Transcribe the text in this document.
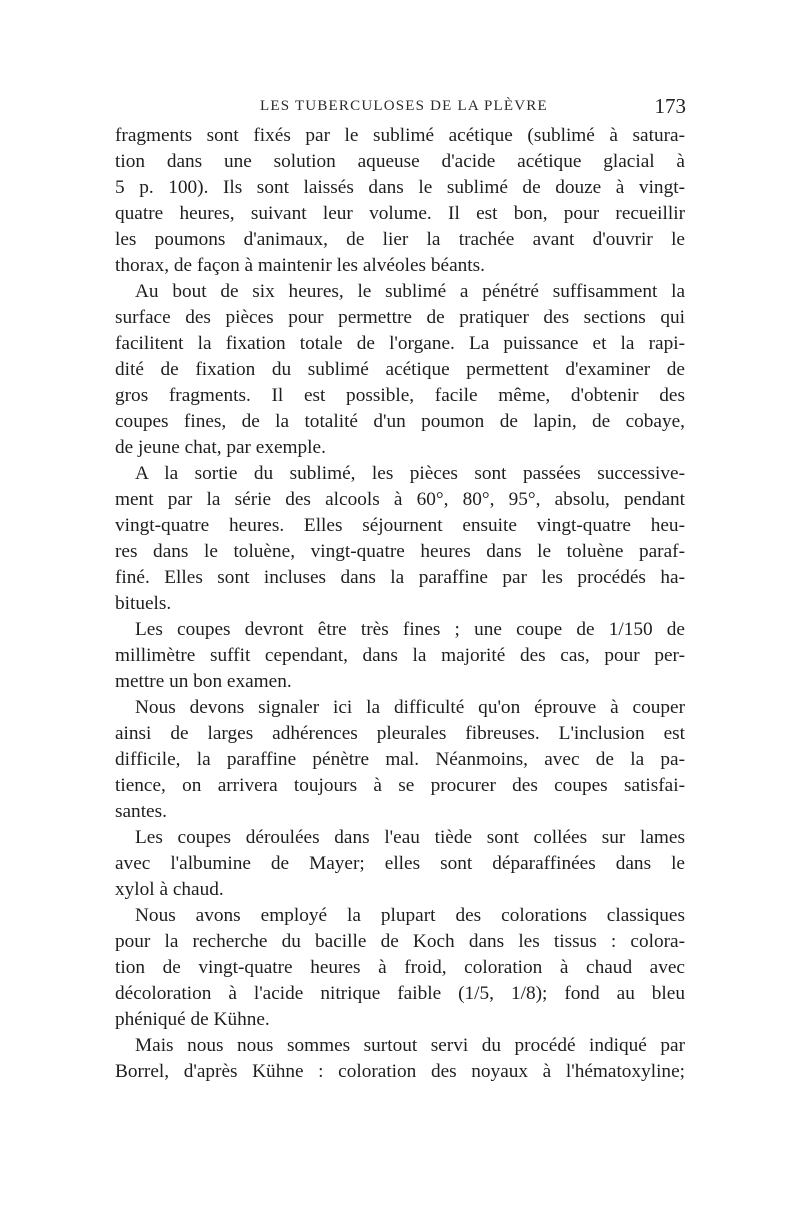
LES TUBERCULOSES DE LA PLÈVRE	173
fragments sont fixés par le sublimé acétique (sublimé à satura-
tion dans une solution aqueuse d'acide acétique glacial à
5 p. 100). Ils sont laissés dans le sublimé de douze à vingt-
quatre heures, suivant leur volume. Il est bon, pour recueillir
les poumons d'animaux, de lier la trachée avant d'ouvrir le
thorax, de façon à maintenir les alvéoles béants.
Au bout de six heures, le sublimé a pénétré suffisamment la
surface des pièces pour permettre de pratiquer des sections qui
facilitent la fixation totale de l'organe. La puissance et la rapi-
dité de fixation du sublimé acétique permettent d'examiner de
gros fragments. Il est possible, facile même, d'obtenir des
coupes fines, de la totalité d'un poumon de lapin, de cobaye,
de jeune chat, par exemple.
A la sortie du sublimé, les pièces sont passées successive-
ment par la série des alcools à 60°, 80°, 95°, absolu, pendant
vingt-quatre heures. Elles séjournent ensuite vingt-quatre heu-
res dans le toluène, vingt-quatre heures dans le toluène paraf-
finé. Elles sont incluses dans la paraffine par les procédés ha-
bituels.
Les coupes devront être très fines ; une coupe de 1/150 de
millimètre suffit cependant, dans la majorité des cas, pour per-
mettre un bon examen.
Nous devons signaler ici la difficulté qu'on éprouve à couper
ainsi de larges adhérences pleurales fibreuses. L'inclusion est
difficile, la paraffine pénètre mal. Néanmoins, avec de la pa-
tience, on arrivera toujours à se procurer des coupes satisfai-
santes.
Les coupes déroulées dans l'eau tiède sont collées sur lames
avec l'albumine de Mayer; elles sont déparaffinées dans le
xylol à chaud.
Nous avons employé la plupart des colorations classiques
pour la recherche du bacille de Koch dans les tissus : colora-
tion de vingt-quatre heures à froid, coloration à chaud avec
décoloration à l'acide nitrique faible (1/5, 1/8); fond au bleu
phéniqué de Kühne.
Mais nous nous sommes surtout servi du procédé indiqué par
Borrel, d'après Kühne : coloration des noyaux à l'hématoxyline;
